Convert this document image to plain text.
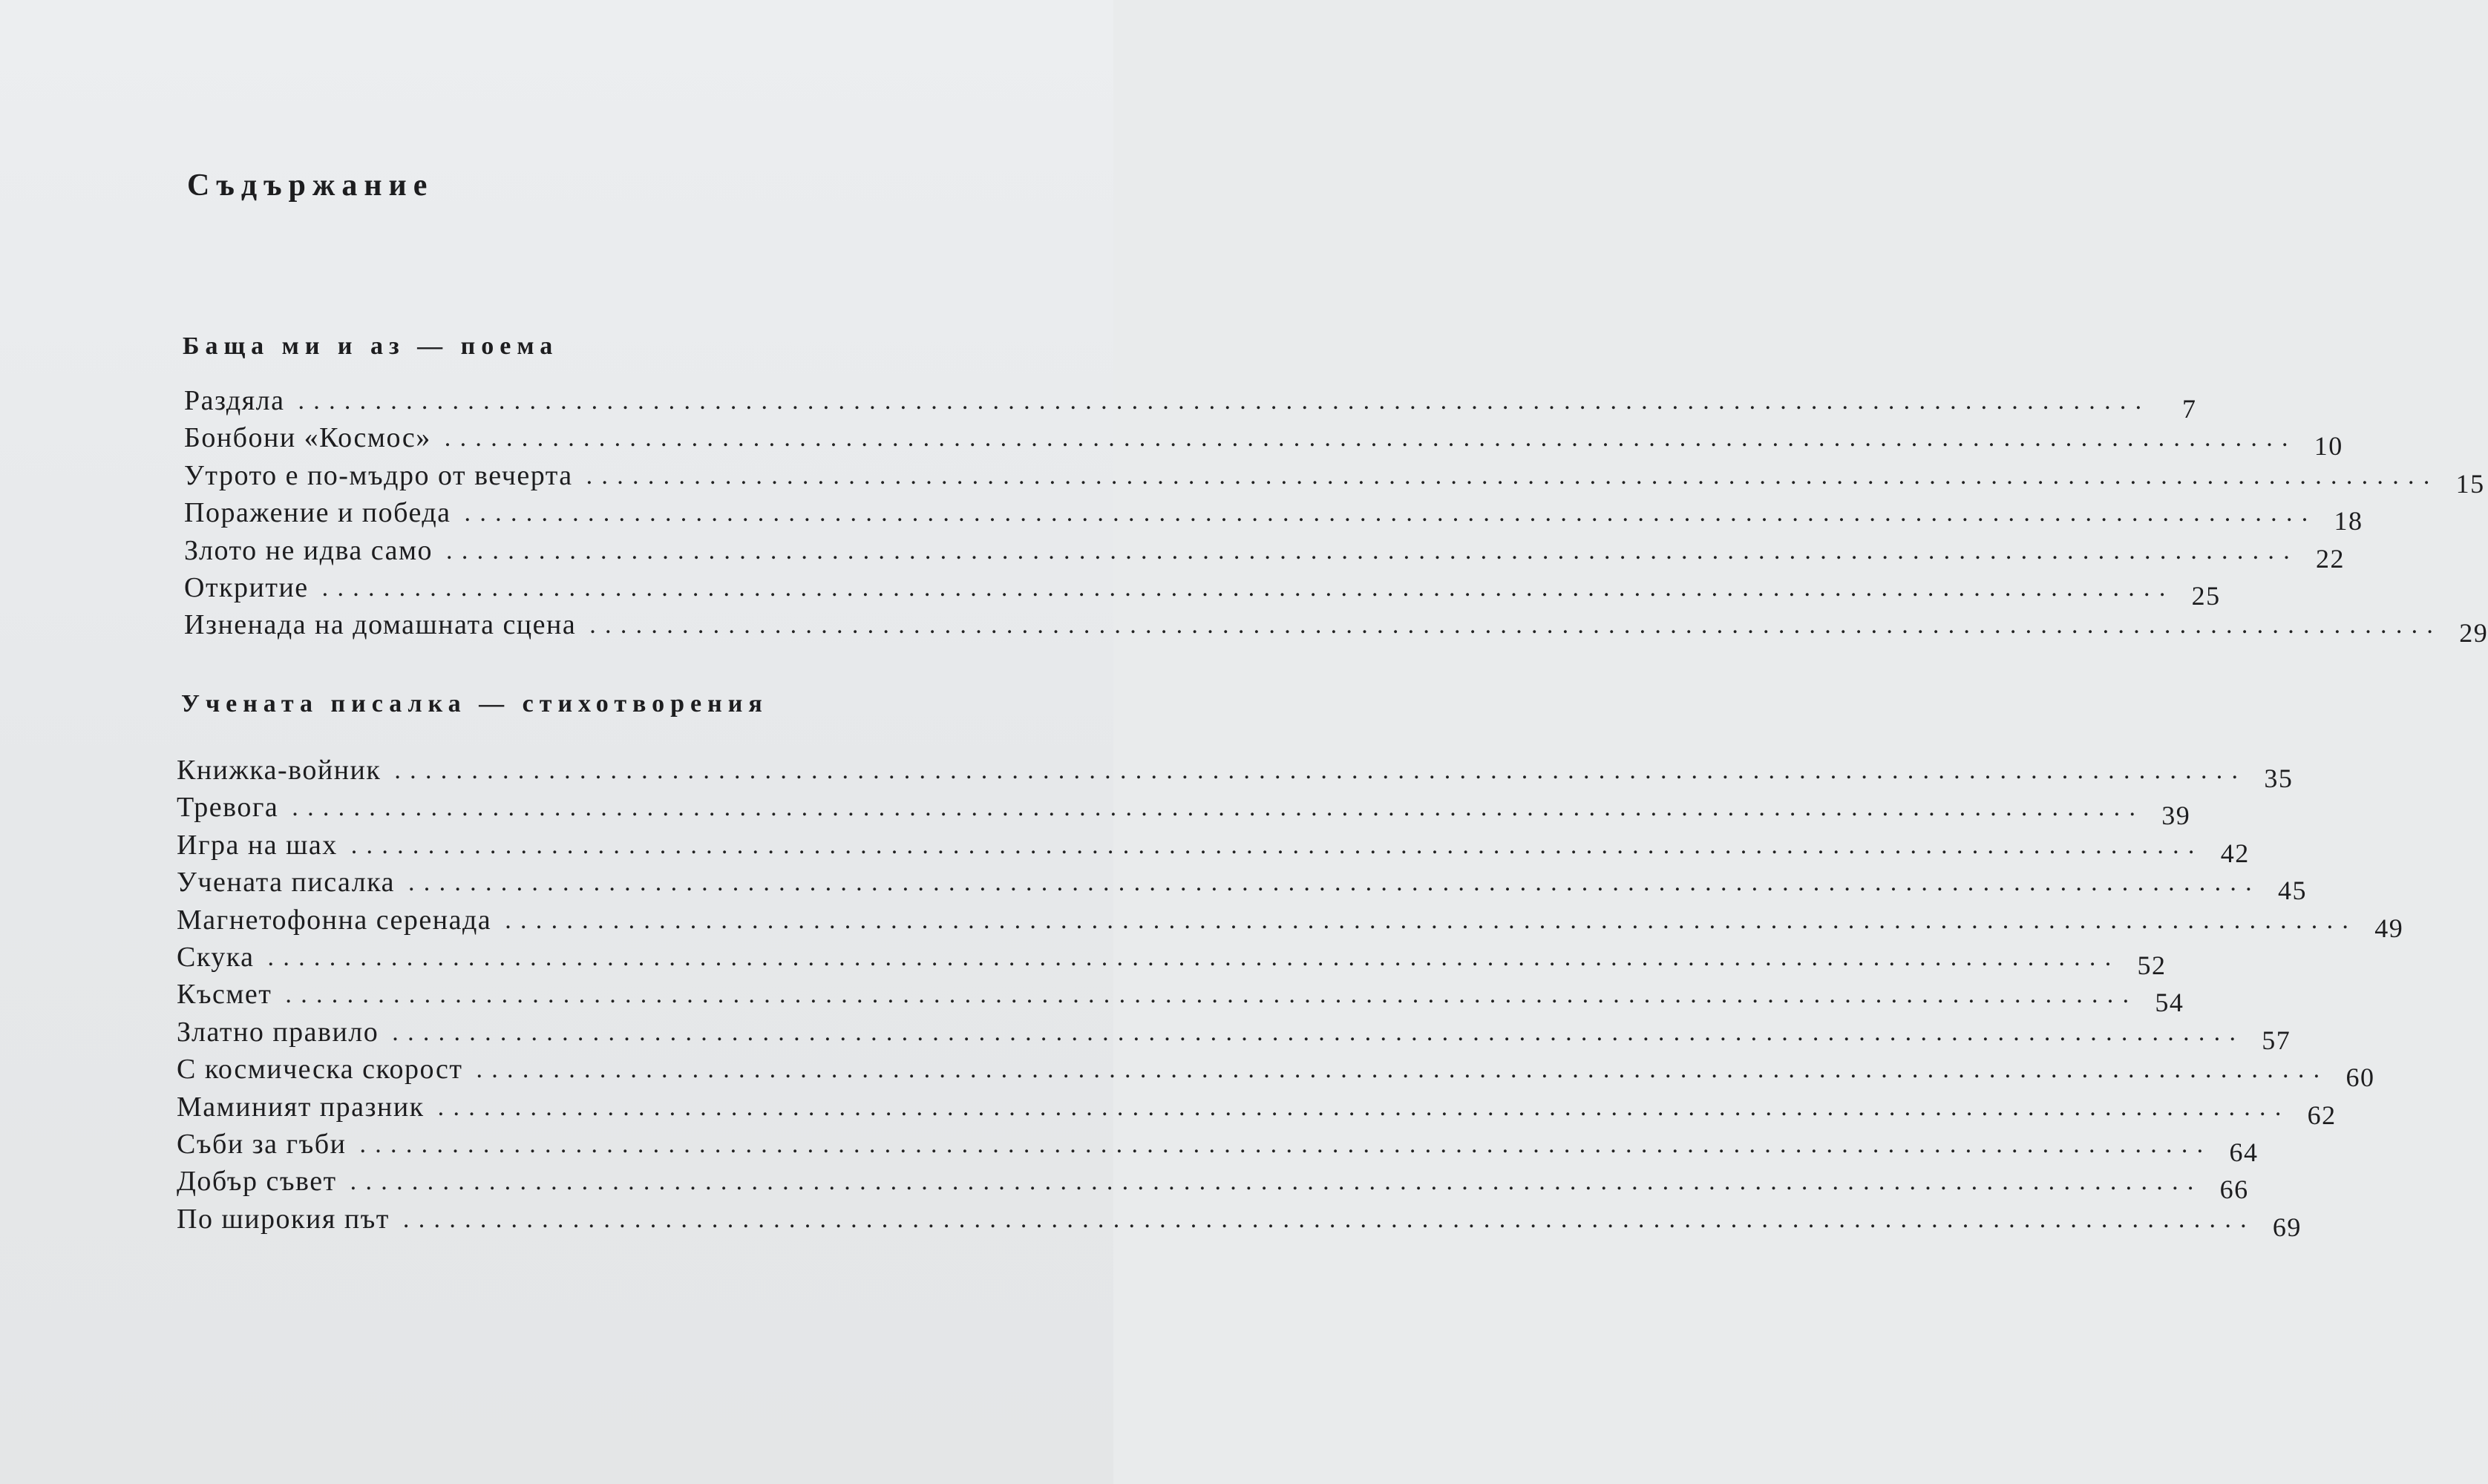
Съдържание
Баща ми и аз — поема
Раздяла ........................................................................................................................	7
Бонбони «Космос» ........................................................................................................................ 10
Утрото е по-мъдро от вечерта ........................................................................................................................ 15
Поражение и победа ........................................................................................................................ 18
Злото не идва само ........................................................................................................................ 22
Откритие ........................................................................................................................ 25
Изненада на домашната сцена ........................................................................................................................ 29
Учената писалка — стихотворения
Книжка-войник ........................................................................................................................ 35
Тревога ........................................................................................................................ 39
Игра на шах ........................................................................................................................ 42
Учената писалка ........................................................................................................................ 45
Магнетофонна серенада ........................................................................................................................ 49
Скука ........................................................................................................................ 52
Късмет ........................................................................................................................ 54
Златно правило ........................................................................................................................ 57
С космическа скорост ........................................................................................................................ 60
Маминият празник ........................................................................................................................ 62
Съби за гъби ........................................................................................................................ 64
Добър съвет ........................................................................................................................ 66
По широкия път ........................................................................................................................ 69
